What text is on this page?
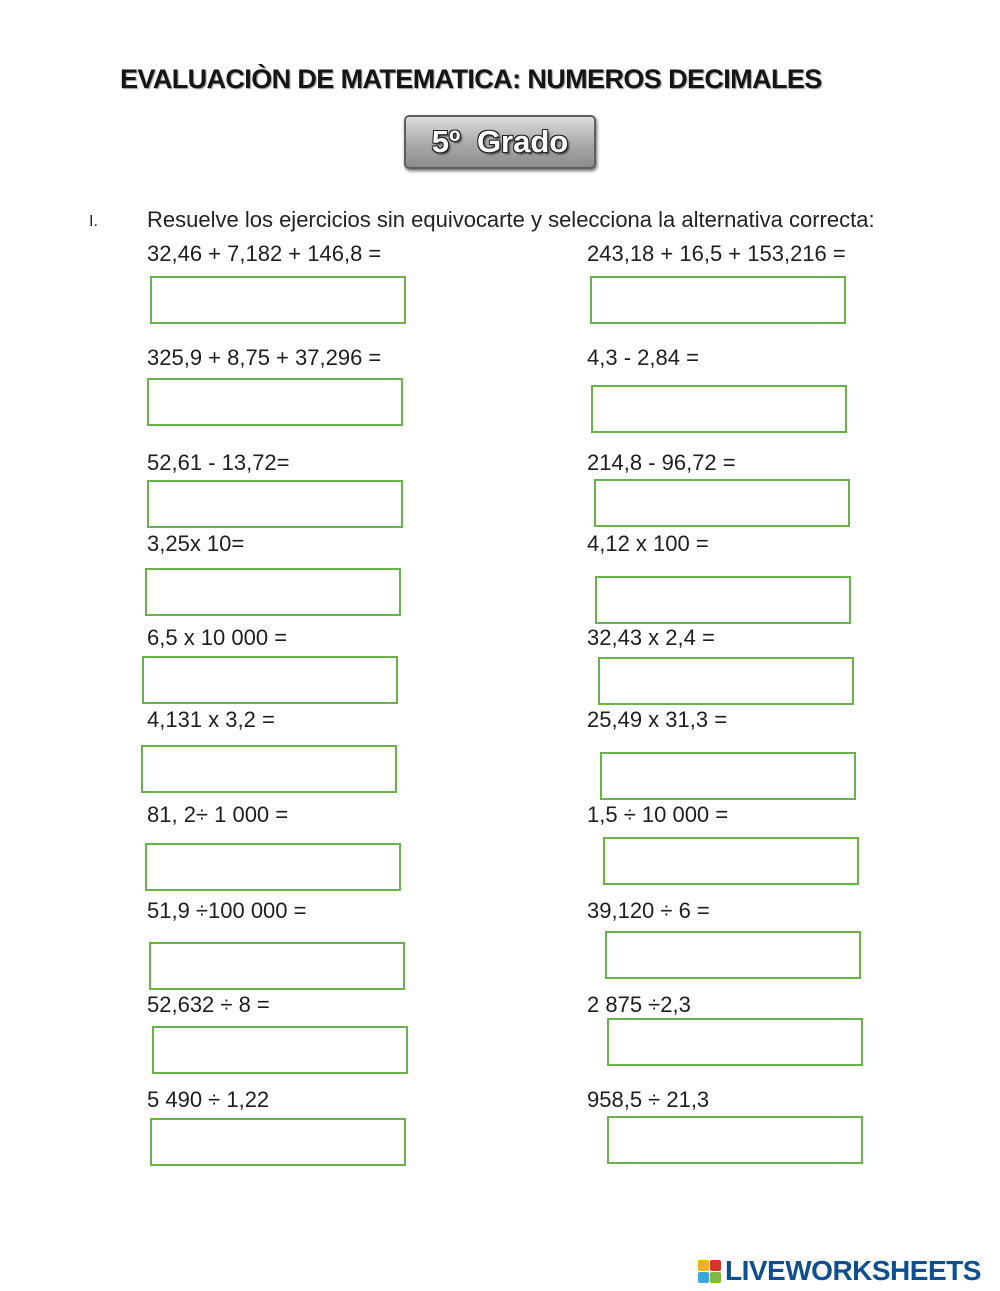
EVALUACIÒN DE MATEMATICA: NUMEROS DECIMALES
5º Grado
I. Resuelve los ejercicios sin equivocarte y selecciona la alternativa correcta:
32,46 + 7,182 + 146,8 =
325,9 + 8,75 + 37,296 =
52,61 - 13,72=
3,25x 10=
6,5 x 10 000 =
4,131 x 3,2 =
81, 2÷ 1 000 =
51,9 ÷100 000 =
52,632 ÷ 8 =
5 490 ÷ 1,22
243,18 + 16,5 + 153,216 =
4,3 - 2,84 =
214,8 - 96,72 =
4,12 x 100 =
32,43 x 2,4 =
25,49 x 31,3 =
1,5 ÷ 10 000 =
39,120 ÷ 6 =
2 875 ÷2,3
958,5 ÷ 21,3
LIVEWORKSHEETS
